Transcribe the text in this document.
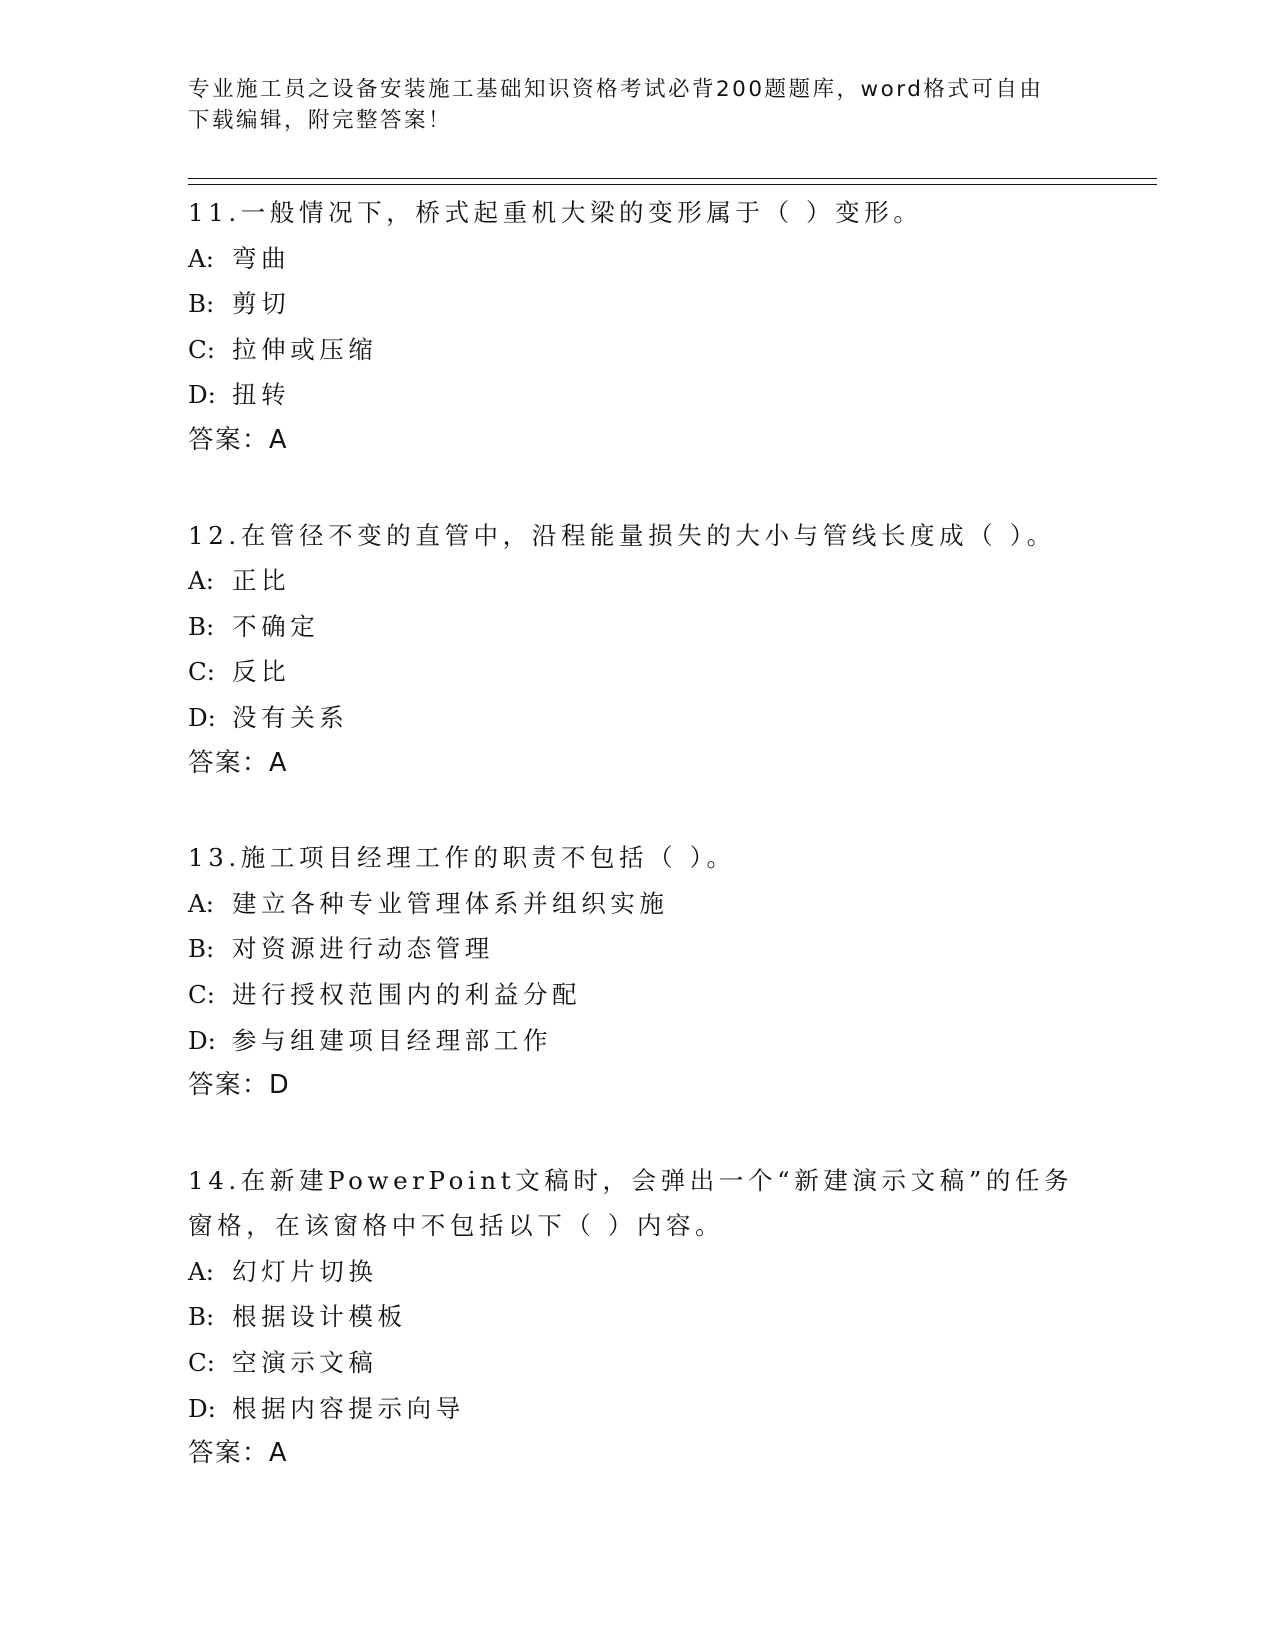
专业施工员之设备安装施工基础知识资格考试必背200题题库，word格式可自由
下载编辑，附完整答案！
11.一般情况下，桥式起重机大梁的变形属于（ ）变形。
A: 弯曲
B: 剪切
C: 拉伸或压缩
D: 扭转
答案：A
12.在管径不变的直管中，沿程能量损失的大小与管线长度成（ ）。
A: 正比
B: 不确定
C: 反比
D: 没有关系
答案：A
13.施工项目经理工作的职责不包括（ ）。
A: 建立各种专业管理体系并组织实施
B: 对资源进行动态管理
C: 进行授权范围内的利益分配
D: 参与组建项目经理部工作
答案：D
14.在新建PowerPoint文稿时，会弹出一个“新建演示文稿”的任务
窗格，在该窗格中不包括以下（ ）内容。
A: 幻灯片切换
B: 根据设计模板
C: 空演示文稿
D: 根据内容提示向导
答案：A
